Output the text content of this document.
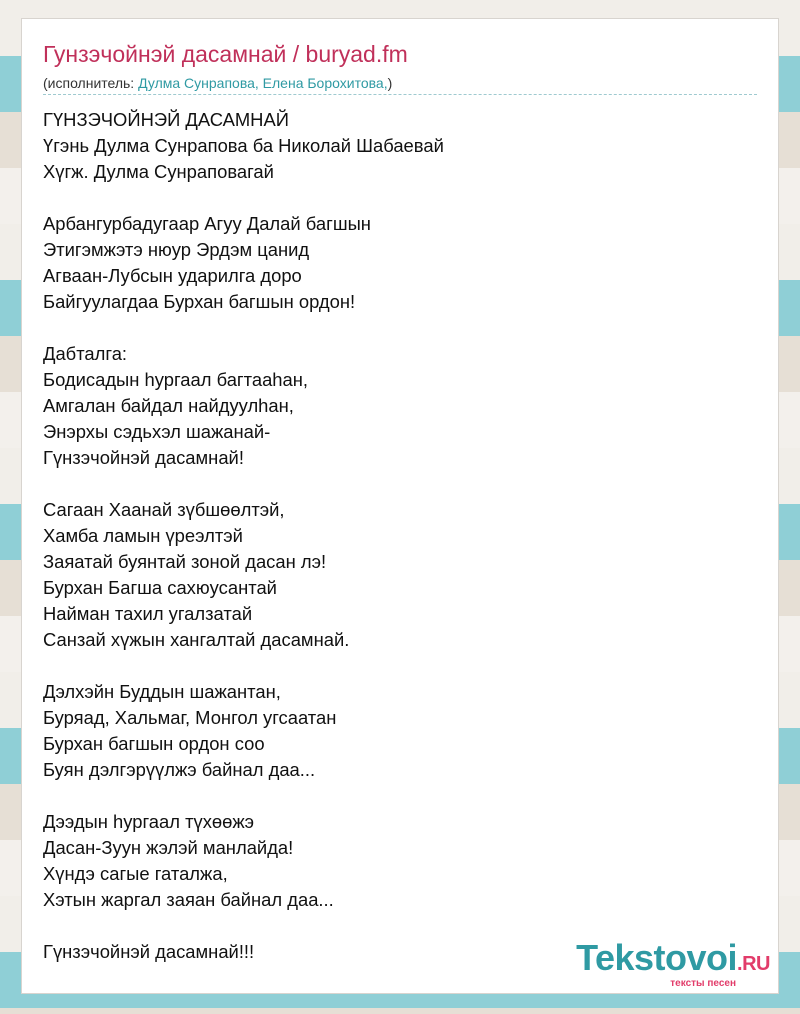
Гунзэчойнэй дасамнай / buryad.fm
(исполнитель: Дулма Сунрапова, Елена Борохитова,)
ГҮНЗЭЧОЙНЭЙ ДАСАМНАЙ
Үгэнь Дулма Сунрапова ба Николай Шабаевай
Хүгж. Дулма Сунраповагай
Арбангурбадугаар Агуу Далай багшын
Этигэмжэтэ нюур Эрдэм цанид
Агваан-Лубсын ударилга доро
Байгуулагдаа Бурхан багшын ордон!
Дабталга:
Бодисадын һургаал багтааһан,
Амгалан байдал найдуулһан,
Энэрхы сэдьхэл шажанай-
Гүнзэчойнэй дасамнай!
Сагаан Хаанай зүбшөөлтэй,
Хамба ламын үреэлтэй
Заяатай буянтай зоной дасан лэ!
Бурхан Багша сахюусантай
Найман тахил угалзатай
Санзай хүжын хангалтай дасамнай.
Дэлхэйн Буддын шажантан,
Буряад, Хальмаг, Монгол угсаатан
Бурхан багшын ордон соо
Буян дэлгэрүүлжэ байнал даа...
Дээдын һургаал түхөөжэ
Дасан-Зуун жэлэй манлайда!
Хүндэ сагые гаталжа,
Хэтын жаргал заяан байнал даа...
Гүнзэчойнэй дасамнай!!!	Tekstovoi.RU
тексты песен
